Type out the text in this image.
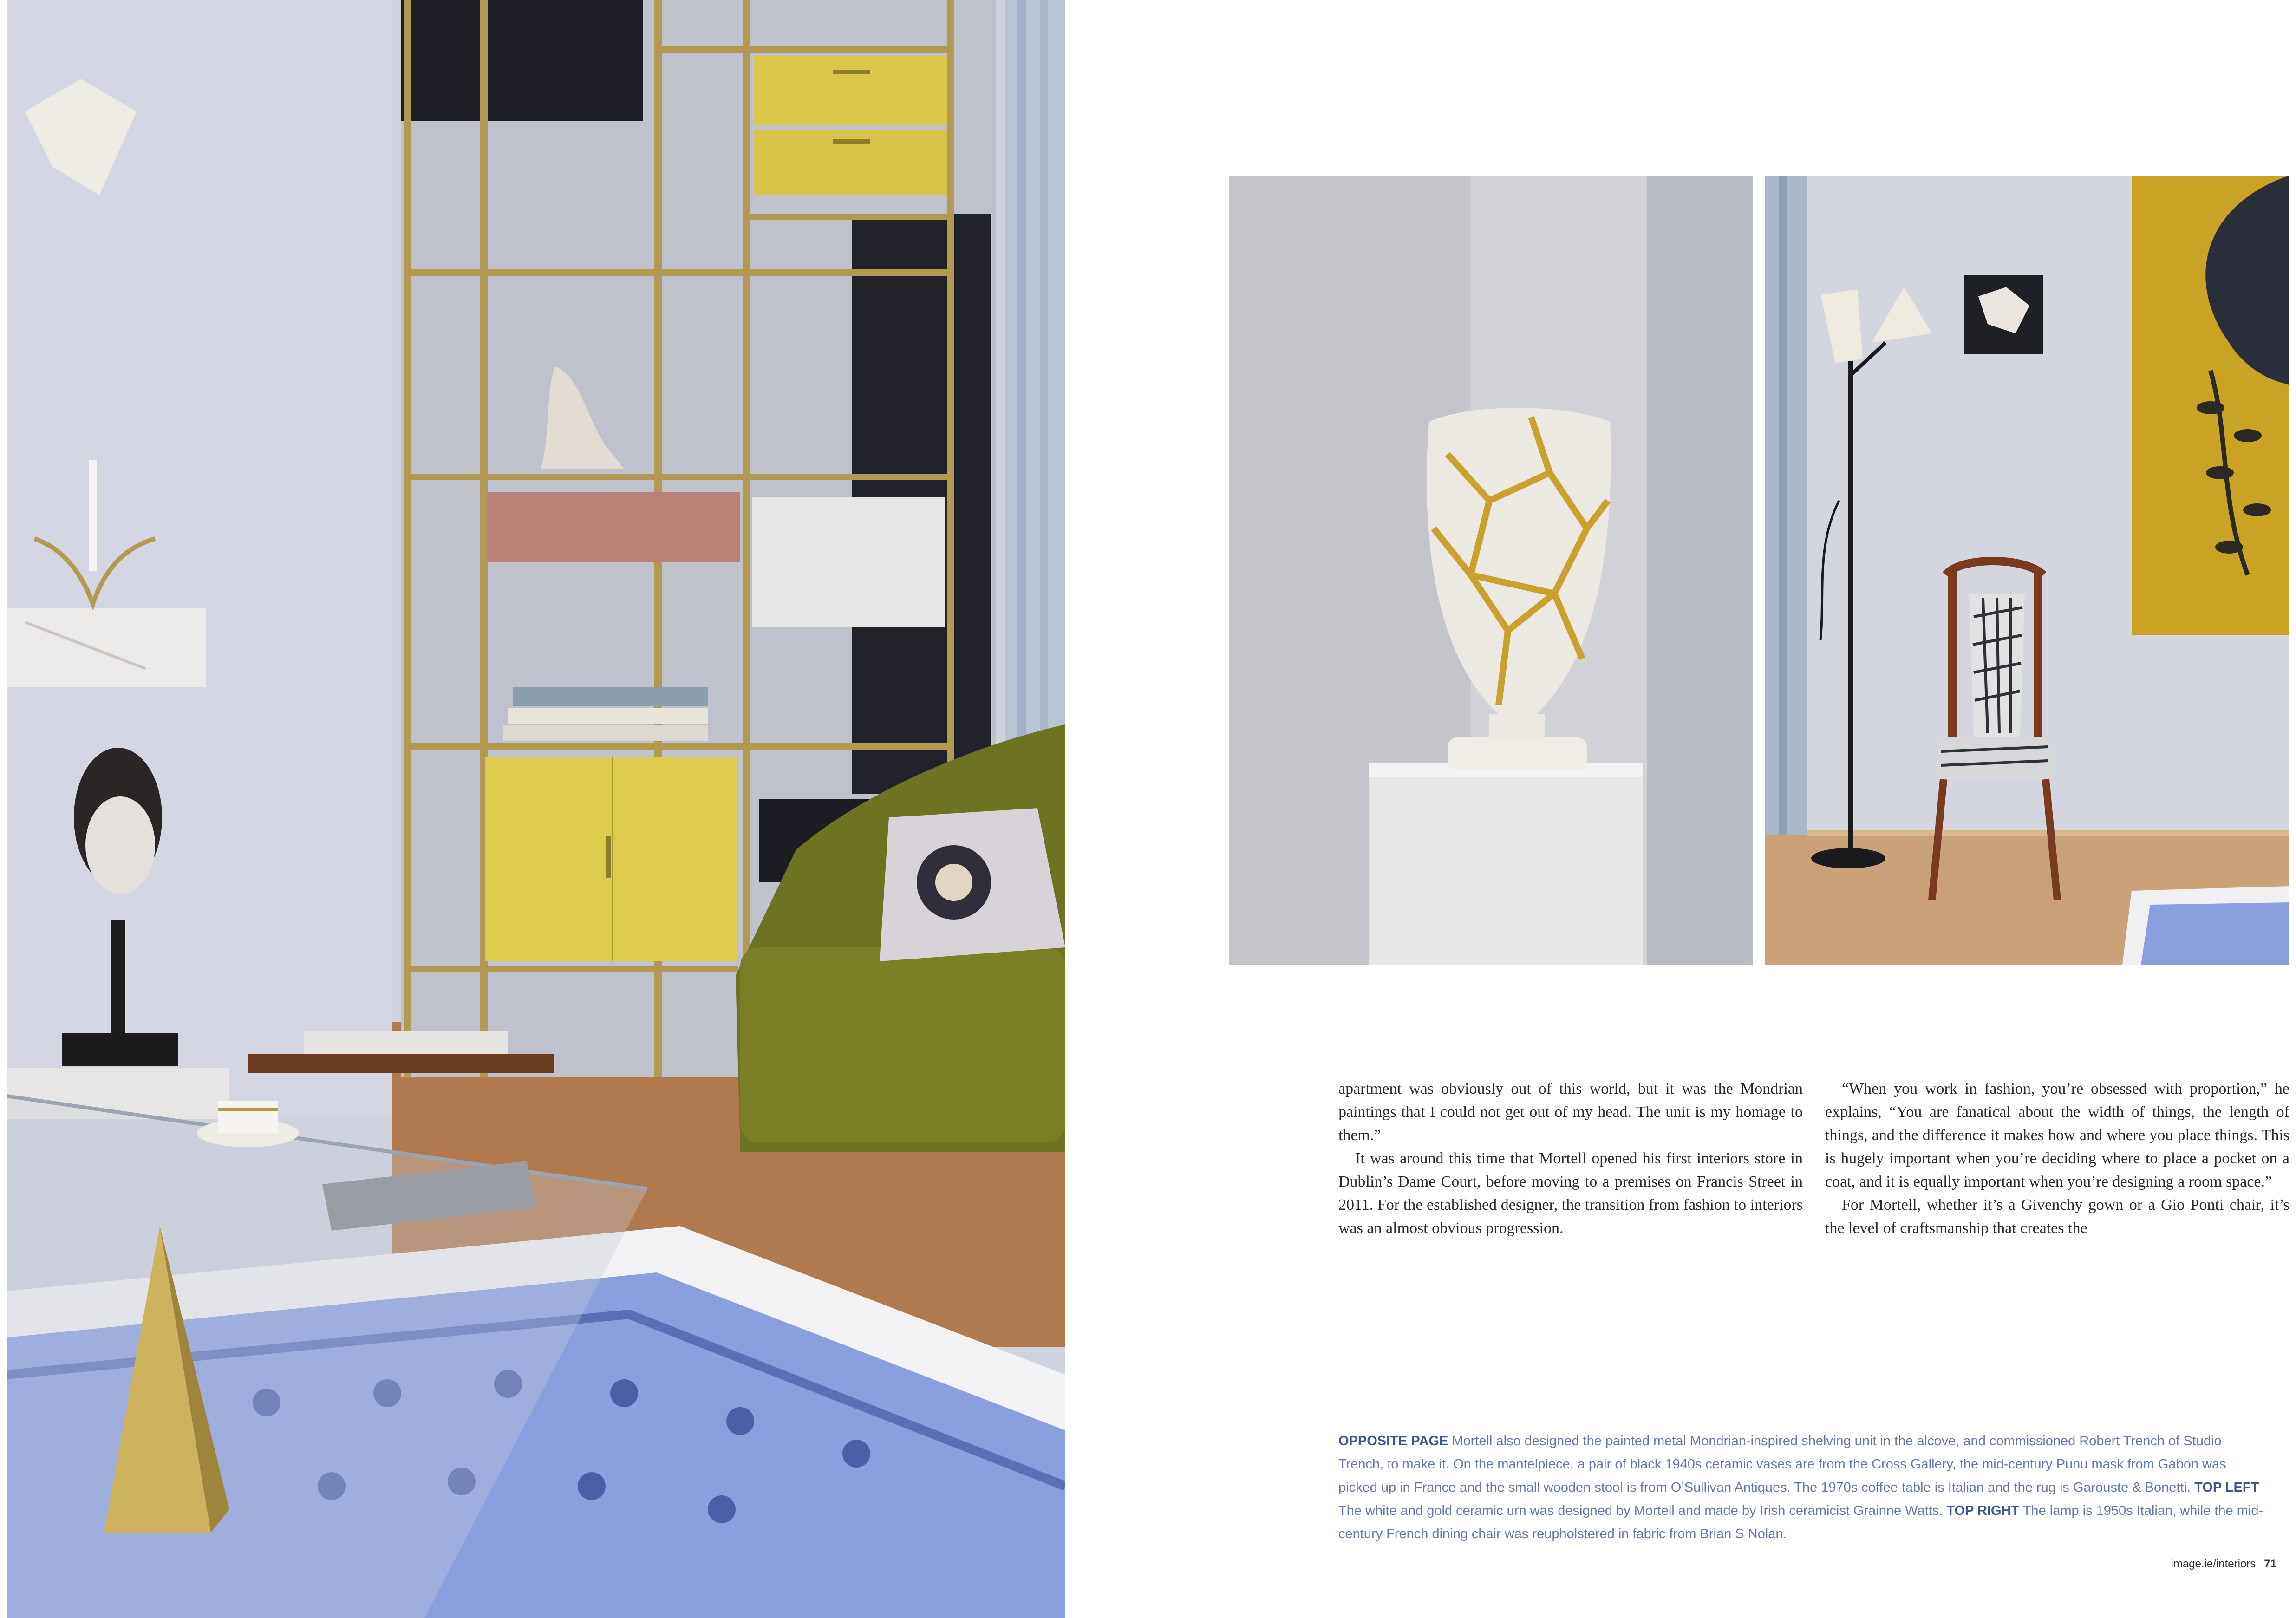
apartment was obviously out of this world, but it was the Mondrian paintings that I could not get out of my head. The unit is my homage to them.”

It was around this time that Mortell opened his first interiors store in Dublin’s Dame Court, before moving to a premises on Francis Street in 2011. For the established designer, the transition from fashion to interiors was an almost obvious progression.

“When you work in fashion, you’re obsessed with proportion,” he explains, “You are fanatical about the width of things, the length of things, and the difference it makes how and where you place things. This is hugely important when you’re deciding where to place a pocket on a coat, and it is equally important when you’re designing a room space.”

For Mortell, whether it’s a Givenchy gown or a Gio Ponti chair, it’s the level of craftsmanship that creates the

OPPOSITE PAGE Mortell also designed the painted metal Mondrian-inspired shelving unit in the alcove, and commissioned Robert Trench of Studio Trench, to make it. On the mantelpiece, a pair of black 1940s ceramic vases are from the Cross Gallery, the mid-century Punu mask from Gabon was picked up in France and the small wooden stool is from O’Sullivan Antiques. The 1970s coffee table is Italian and the rug is Garouste & Bonetti. TOP LEFT The white and gold ceramic urn was designed by Mortell and made by Irish ceramicist Grainne Watts. TOP RIGHT The lamp is 1950s Italian, while the mid-century French dining chair was reupholstered in fabric from Brian S Nolan.
image.ie/interiors 71
